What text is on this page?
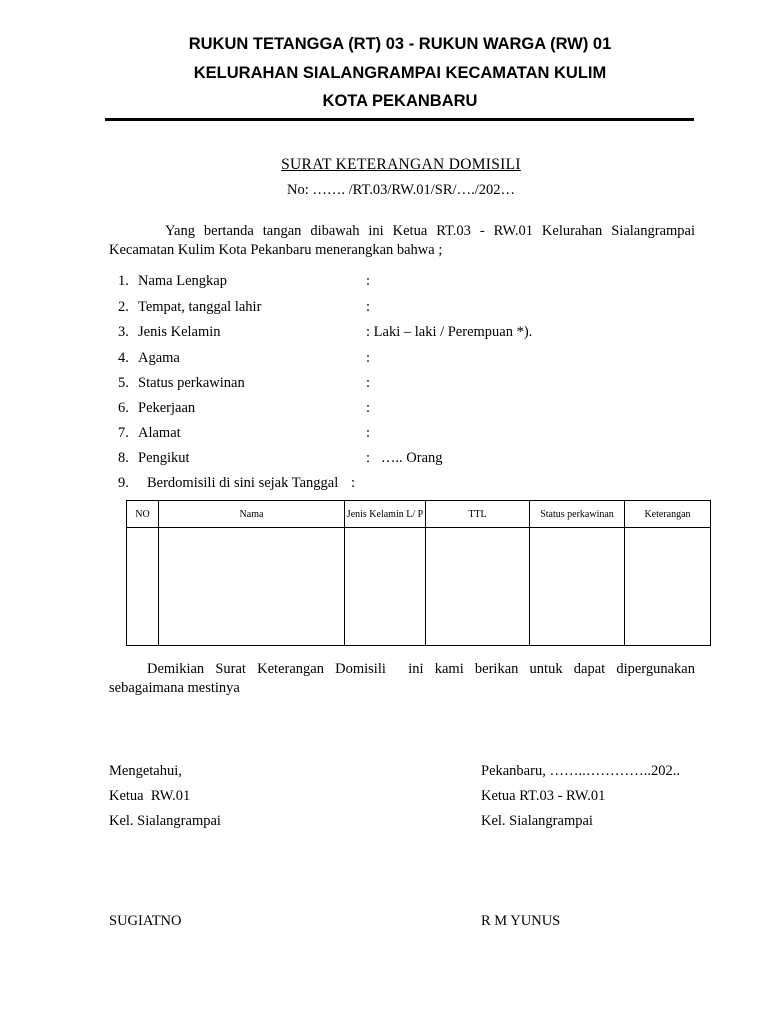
RUKUN TETANGGA (RT) 03 - RUKUN WARGA (RW) 01
KELURAHAN SIALANGRAMPAI KECAMATAN KULIM
KOTA PEKANBARU
SURAT KETERANGAN DOMISILI
No: ……. /RT.03/RW.01/SR/…./202…
Yang bertanda tangan dibawah ini Ketua RT.03 - RW.01 Kelurahan Sialangrampai
Kecamatan Kulim Kota Pekanbaru menerangkan bahwa ;
1. Nama Lengkap	:
2. Tempat, tanggal lahir	:
3. Jenis Kelamin	: Laki – laki / Perempuan *).
4. Agama	:
5. Status perkawinan	:
6. Pekerjaan	:
7. Alamat	:
8. Pengikut	:   ….. Orang
9. Berdomisili di sini sejak Tanggal :
NO	Nama	Jenis Kelamin L/ P	TTL	Status perkawinan	Keterangan

Demikian Surat Keterangan Domisili  ini kami berikan untuk dapat dipergunakan
sebagaimana mestinya
Mengetahui,
Ketua  RW.01
Kel. Sialangrampai
SUGIATNO
Pekanbaru, ……..…………..202..
Ketua RT.03 - RW.01
Kel. Sialangrampai
R M YUNUS
